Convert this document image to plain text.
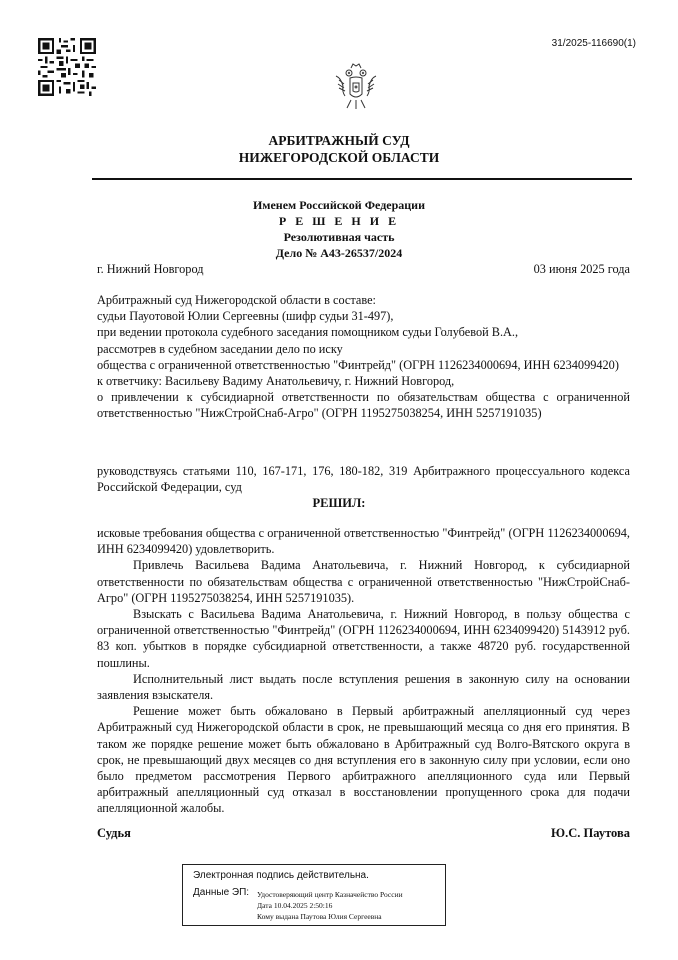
31/2025-116690(1)
АРБИТРАЖНЫЙ СУД
НИЖЕГОРОДСКОЙ ОБЛАСТИ
Именем Российской Федерации
Р Е Ш Е Н И Е
Резолютивная часть
Дело № А43-26537/2024
г. Нижний Новгород	03 июня 2025 года

Арбитражный суд Нижегородской области в составе:

судьи Пауотовой Юлии Сергеевны (шифр судьи 31-497),

при ведении протокола судебного заседания помощником судьи Голубевой В.А.,

рассмотрев в судебном заседании дело по иску

общества с ограниченной ответственностью "Финтрейд" (ОГРН 1126234000694, ИНН 6234099420)

к ответчику: Васильеву Вадиму Анатольевичу, г. Нижний Новгород,

о привлечении к субсидиарной ответственности по обязательствам общества с ограниченной ответственностью "НижСтройСнаб-Агро" (ОГРН 1195275038254, ИНН 5257191035)

руководствуясь статьями 110, 167-171, 176, 180-182, 319 Арбитражного процессуального кодекса Российской Федерации, суд
РЕШИЛ:

исковые требования общества с ограниченной ответственностью "Финтрейд" (ОГРН 1126234000694, ИНН 6234099420) удовлетворить.

Привлечь Васильева Вадима Анатольевича, г. Нижний Новгород, к субсидиарной ответственности по обязательствам общества с ограниченной ответственностью "НижСтройСнаб-Агро" (ОГРН 1195275038254, ИНН 5257191035).

Взыскать с Васильева Вадима Анатольевича, г. Нижний Новгород, в пользу общества с ограниченной ответственностью "Финтрейд" (ОГРН 1126234000694, ИНН 6234099420) 5143912 руб. 83 коп. убытков в порядке субсидиарной ответственности, а также 48720 руб. государственной пошлины.

Исполнительный лист выдать после вступления решения в законную силу на основании заявления взыскателя.

Решение может быть обжаловано в Первый арбитражный апелляционный суд через Арбитражный суд Нижегородской области в срок, не превышающий месяца со дня его принятия. В таком же порядке решение может быть обжаловано в Арбитражный суд Волго-Вятского округа в срок, не превышающий двух месяцев со дня вступления его в законную силу при условии, если оно было предметом рассмотрения Первого арбитражного апелляционного суда или Первый арбитражный апелляционный суд отказал в восстановлении пропущенного срока для подачи апелляционной жалобы.

Судья	Ю.С. Паутова
Электронная подпись действительна.
Данные ЭП: Удостоверяющий центр Казначейство России
Дата 10.04.2025 2:50:16
Кому выдана Паутова Юлия Сергеевна
